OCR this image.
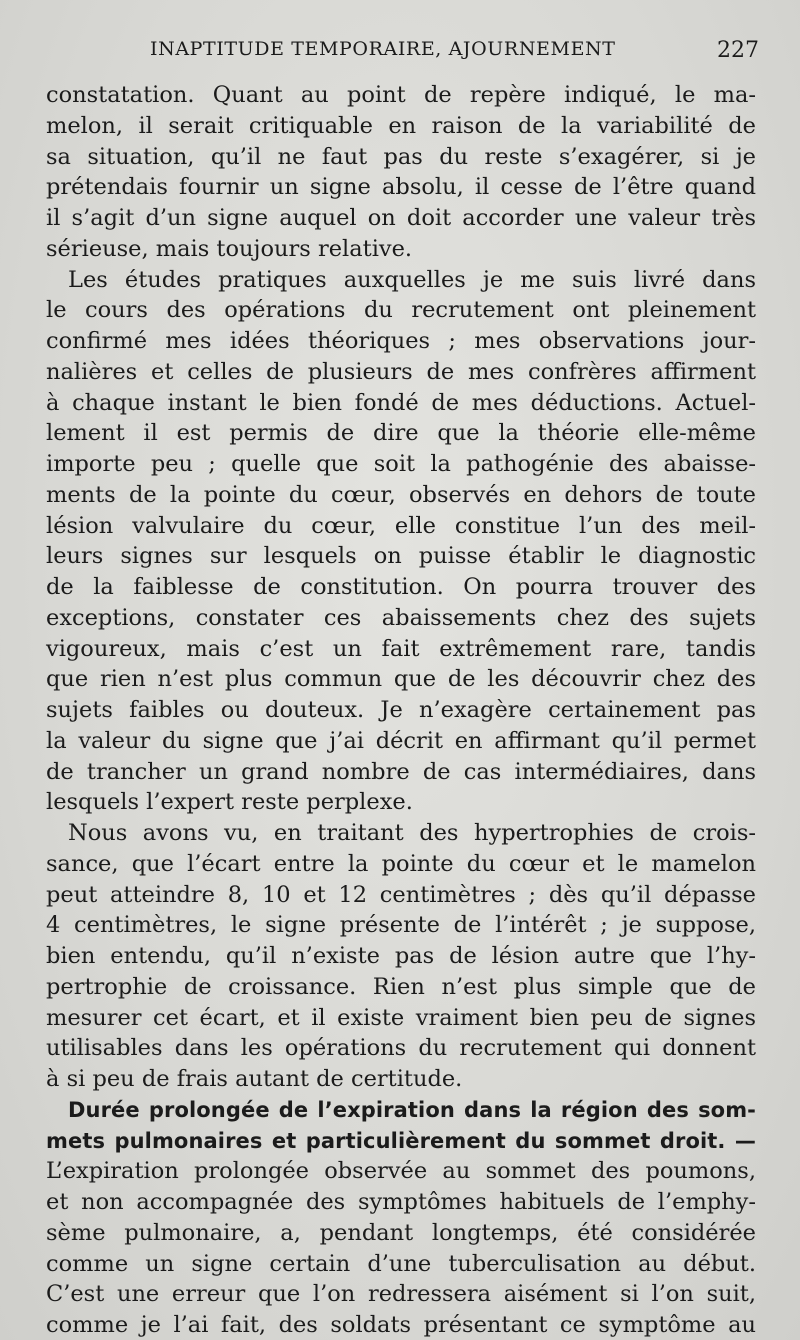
INAPTITUDE TEMPORAIRE, AJOURNEMENT	227
constatation. Quant au point de repère indiqué, le ma-
melon, il serait critiquable en raison de la variabilité de
sa situation, qu’il ne faut pas du reste s’exagérer, si je
prétendais fournir un signe absolu, il cesse de l’être quand
il s’agit d’un signe auquel on doit accorder une valeur très
sérieuse, mais toujours relative.
Les études pratiques auxquelles je me suis livré dans
le cours des opérations du recrutement ont pleinement
confirmé mes idées théoriques ; mes observations jour-
nalières et celles de plusieurs de mes confrères affirment
à chaque instant le bien fondé de mes déductions. Actuel-
lement il est permis de dire que la théorie elle-même
importe peu ; quelle que soit la pathogénie des abaisse-
ments de la pointe du cœur, observés en dehors de toute
lésion valvulaire du cœur, elle constitue l’un des meil-
leurs signes sur lesquels on puisse établir le diagnostic
de la faiblesse de constitution. On pourra trouver des
exceptions, constater ces abaissements chez des sujets
vigoureux, mais c’est un fait extrêmement rare, tandis
que rien n’est plus commun que de les découvrir chez des
sujets faibles ou douteux. Je n’exagère certainement pas
la valeur du signe que j’ai décrit en affirmant qu’il permet
de trancher un grand nombre de cas intermédiaires, dans
lesquels l’expert reste perplexe.
Nous avons vu, en traitant des hypertrophies de crois-
sance, que l’écart entre la pointe du cœur et le mamelon
peut atteindre 8, 10 et 12 centimètres ; dès qu’il dépasse
4 centimètres, le signe présente de l’intérêt ; je suppose,
bien entendu, qu’il n’existe pas de lésion autre que l’hy-
pertrophie de croissance. Rien n’est plus simple que de
mesurer cet écart, et il existe vraiment bien peu de signes
utilisables dans les opérations du recrutement qui donnent
à si peu de frais autant de certitude.
Durée prolongée de l’expiration dans la région des som-
mets pulmonaires et particulièrement du sommet droit. —
L’expiration prolongée observée au sommet des poumons,
et non accompagnée des symptômes habituels de l’emphy-
sème pulmonaire, a, pendant longtemps, été considérée
comme un signe certain d’une tuberculisation au début.
C’est une erreur que l’on redressera aisément si l’on suit,
comme je l’ai fait, des soldats présentant ce symptôme au
